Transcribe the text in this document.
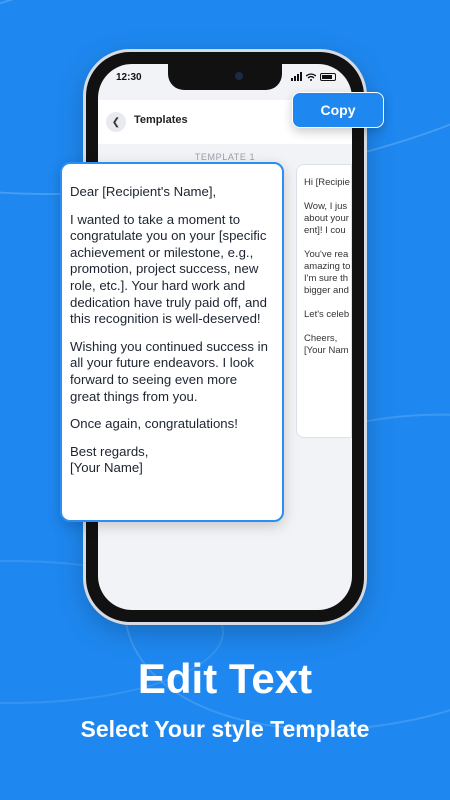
12:30
❮ Templates
TEMPLATE 1

Hi [Recipie

Wow, I jus
about your
ent]! I cou

You've rea
amazing to
I'm sure th
bigger and

Let's celeb

Cheers,
[Your Nam

Copy

Dear [Recipient's Name],

I wanted to take a moment to
congratulate you on your [specific
achievement or milestone, e.g.,
promotion, project success, new
role, etc.]. Your hard work and
dedication have truly paid off, and
this recognition is well-deserved!

Wishing you continued success in
all your future endeavors. I look
forward to seeing even more
great things from you.

Once again, congratulations!

Best regards,
[Your Name]

Edit Text
Select Your style Template
